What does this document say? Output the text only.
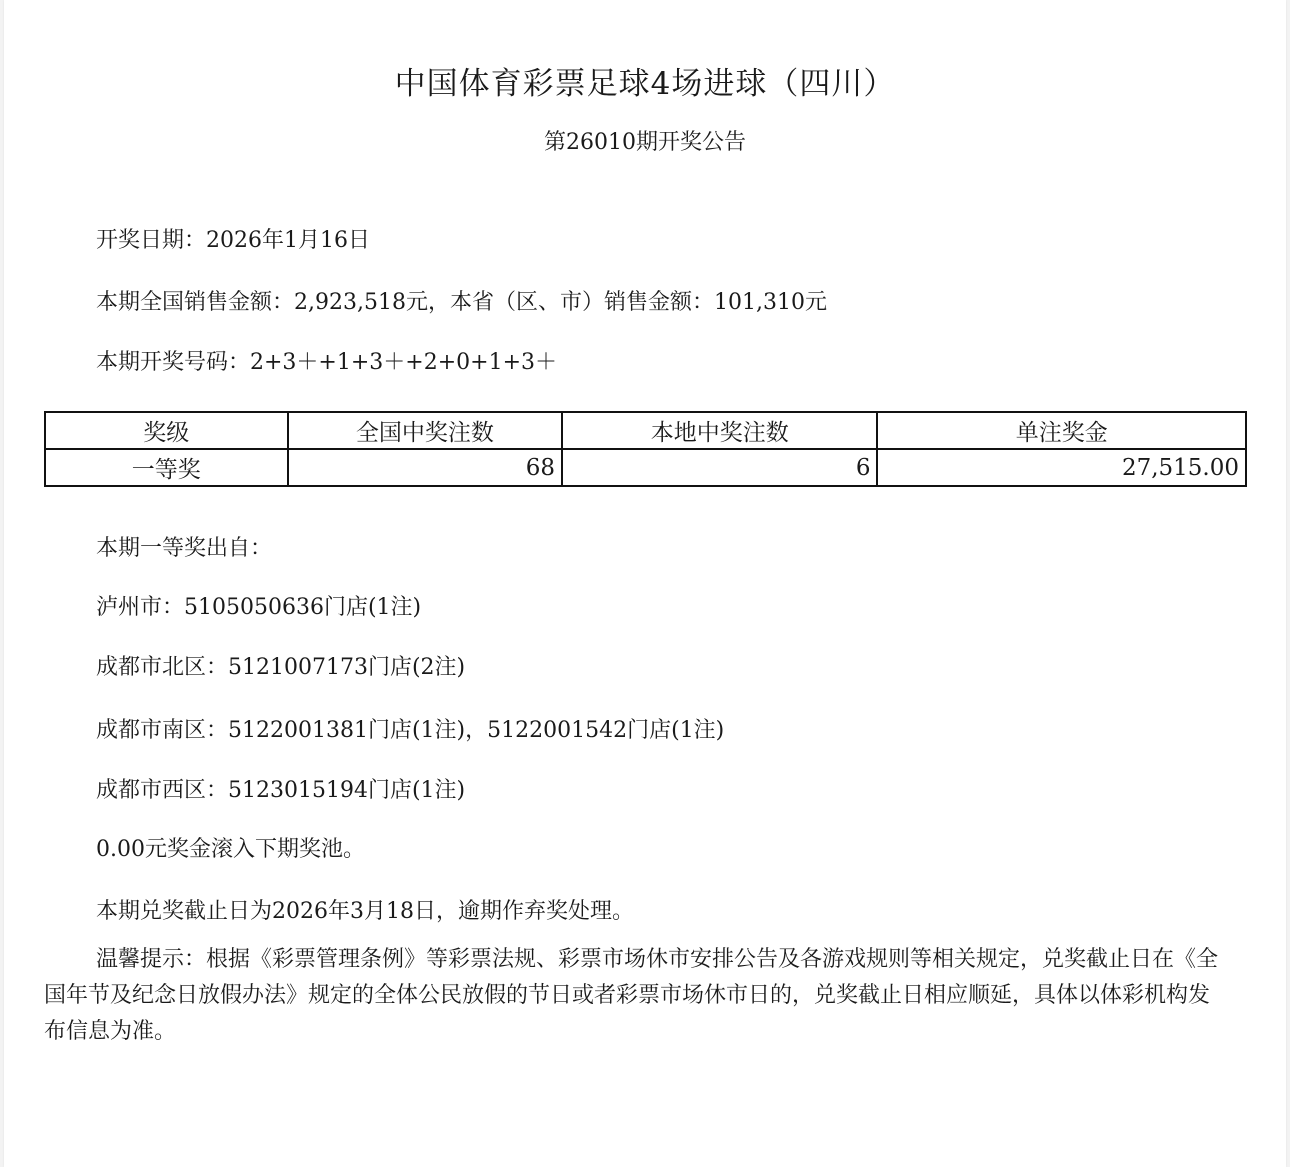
中国体育彩票足球4场进球（四川）
第26010期开奖公告
开奖日期：2026年1月16日
本期全国销售金额：2,923,518元，本省（区、市）销售金额：101,310元
本期开奖号码：2+3＋+1+3＋+2+0+1+3＋
奖级	全国中奖注数	本地中奖注数	单注奖金
一等奖	68	6	27,515.00
本期一等奖出自：
泸州市：5105050636门店(1注)
成都市北区：5121007173门店(2注)
成都市南区：5122001381门店(1注)，5122001542门店(1注)
成都市西区：5123015194门店(1注)
0.00元奖金滚入下期奖池。
本期兑奖截止日为2026年3月18日，逾期作弃奖处理。
温馨提示：根据《彩票管理条例》等彩票法规、彩票市场休市安排公告及各游戏规则等相关规定，兑奖截止日在《全国年节及纪念日放假办法》规定的全体公民放假的节日或者彩票市场休市日的，兑奖截止日相应顺延，具体以体彩机构发布信息为准。
